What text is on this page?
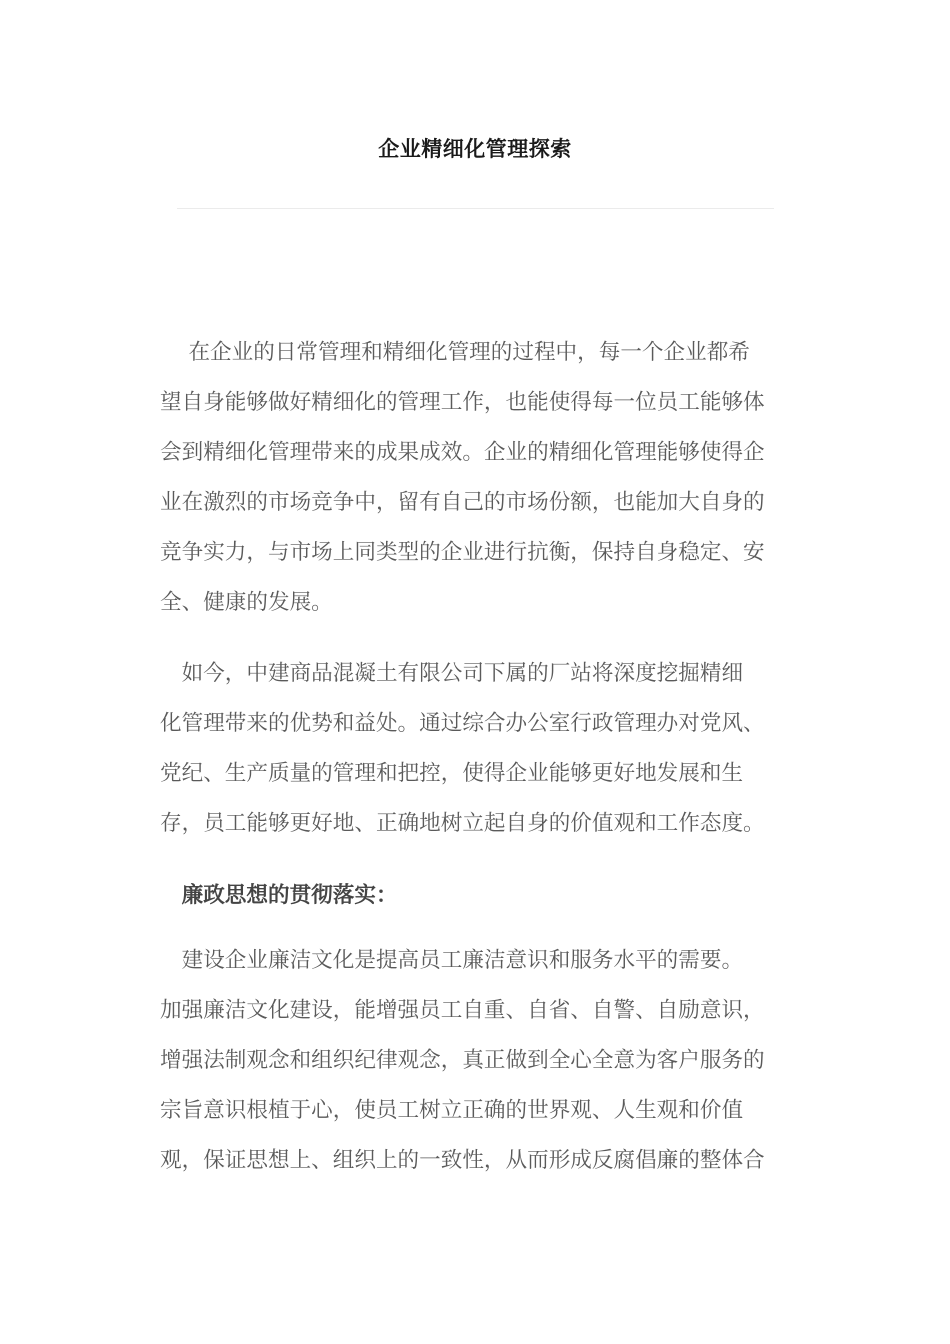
企业精细化管理探索
　 在企业的日常管理和精细化管理的过程中，每一个企业都希
望自身能够做好精细化的管理工作，也能使得每一位员工能够体
会到精细化管理带来的成果成效。企业的精细化管理能够使得企
业在激烈的市场竞争中，留有自己的市场份额，也能加大自身的
竞争实力，与市场上同类型的企业进行抗衡，保持自身稳定、安
全、健康的发展。
　如今，中建商品混凝土有限公司下属的厂站将深度挖掘精细
化管理带来的优势和益处。通过综合办公室行政管理办对党风、
党纪、生产质量的管理和把控，使得企业能够更好地发展和生
存，员工能够更好地、正确地树立起自身的价值观和工作态度。
　廉政思想的贯彻落实：
　建设企业廉洁文化是提高员工廉洁意识和服务水平的需要。
加强廉洁文化建设，能增强员工自重、自省、自警、自励意识，
增强法制观念和组织纪律观念，真正做到全心全意为客户服务的
宗旨意识根植于心，使员工树立正确的世界观、人生观和价值
观，保证思想上、组织上的一致性，从而形成反腐倡廉的整体合
